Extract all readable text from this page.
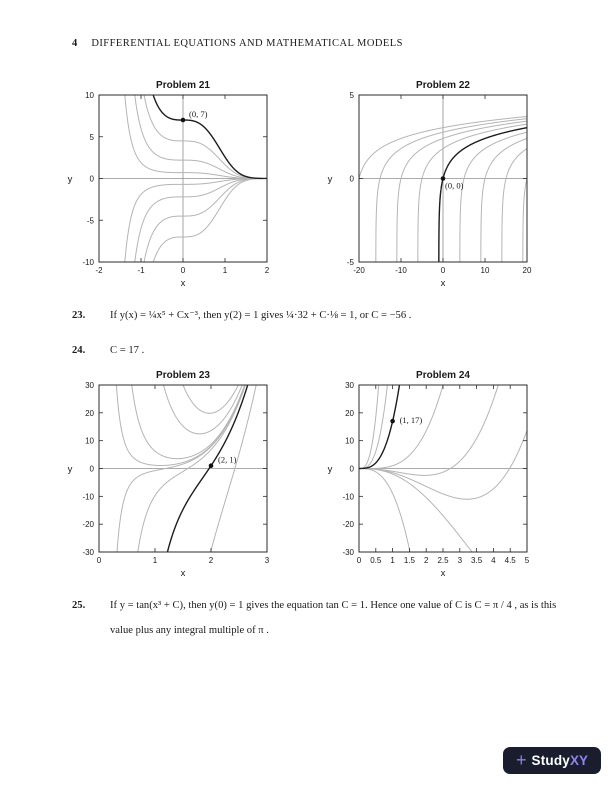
4 DIFFERENTIAL EQUATIONS AND MATHEMATICAL MODELS
-2	-1	0	1	2
-10
-5
0
5
10
Problem 21
x
y
(0, 7)
-20	-10	0	10	20
-5
0
5
Problem 22
x
y
(0, 0)
0	1	2	3
-30
-20
-10
0
10
20
30
Problem 23
x
y
(2, 1)
0 0.5 1 1.5 2 2.5 3 3.5 4 4.5 5
-30
-20
-10
0
10
20
30
Problem 24
x
y
(1, 17)
23. If y(x) = ¼x⁵ + Cx⁻³, then y(2) = 1 gives ¼·32 + C·⅛ = 1, or C = −56 .
24. C = 17 .
25. If y = tan(x³ + C), then y(0) = 1 gives the equation tan C = 1. Hence one value of C is C = π / 4 , as is this value plus any integral multiple of π .
+ Study XY
